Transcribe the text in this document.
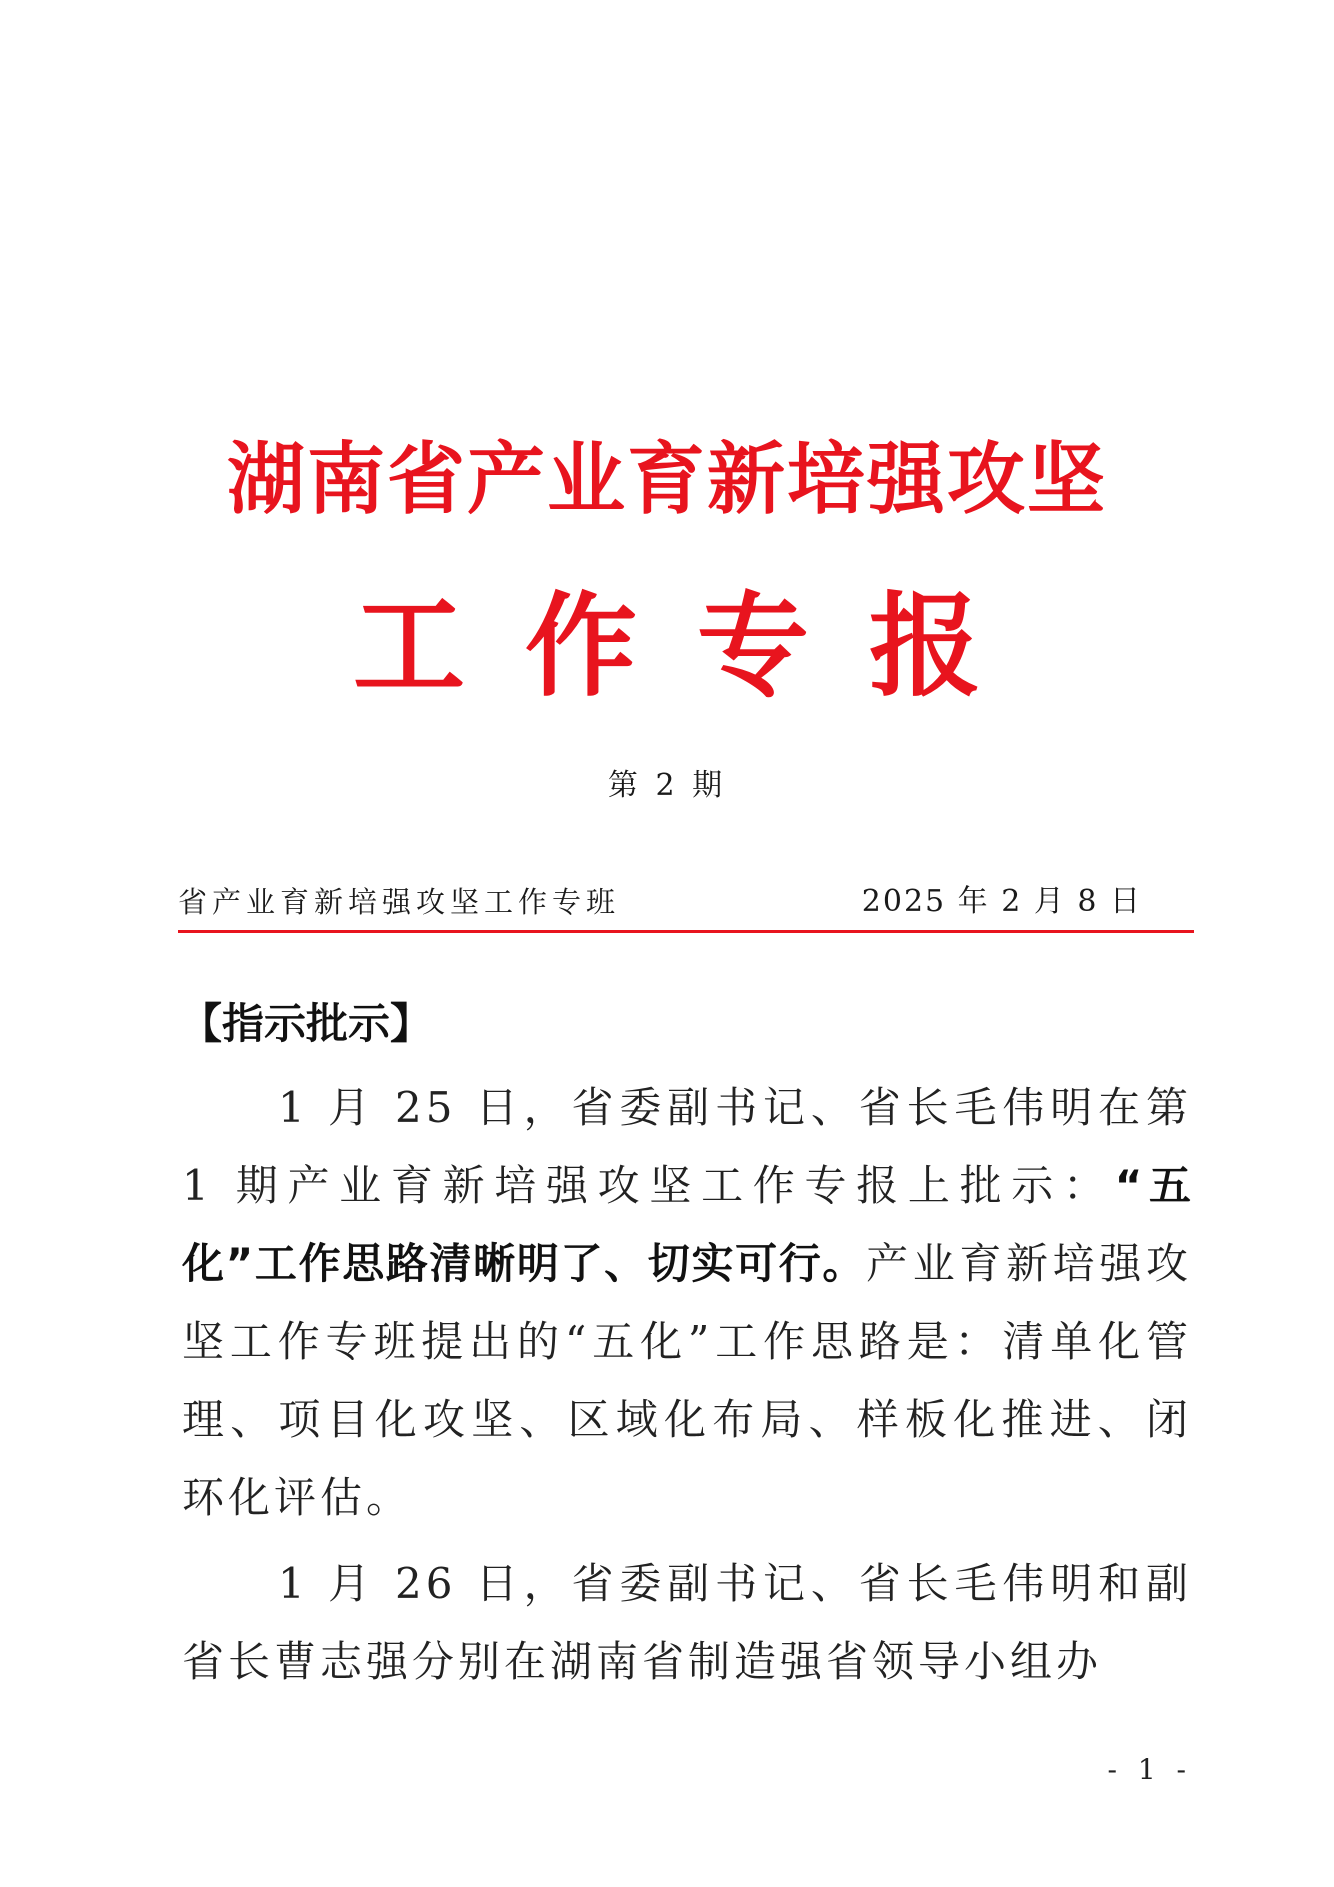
湖南省产业育新培强攻坚
工作专报
第 2 期
省产业育新培强攻坚工作专班	2025 年 2 月 8 日
【指示批示】
1 月 25 日，省委副书记、省长毛伟明在第 1 期产业育新培强攻坚工作专报上批示：“五化”工作思路清晰明了、切实可行。产业育新培强攻坚工作专班提出的“五化”工作思路是：清单化管理、项目化攻坚、区域化布局、样板化推进、闭环化评估。
1 月 26 日，省委副书记、省长毛伟明和副省长曹志强分别在湖南省制造强省领导小组办
- 1 -
